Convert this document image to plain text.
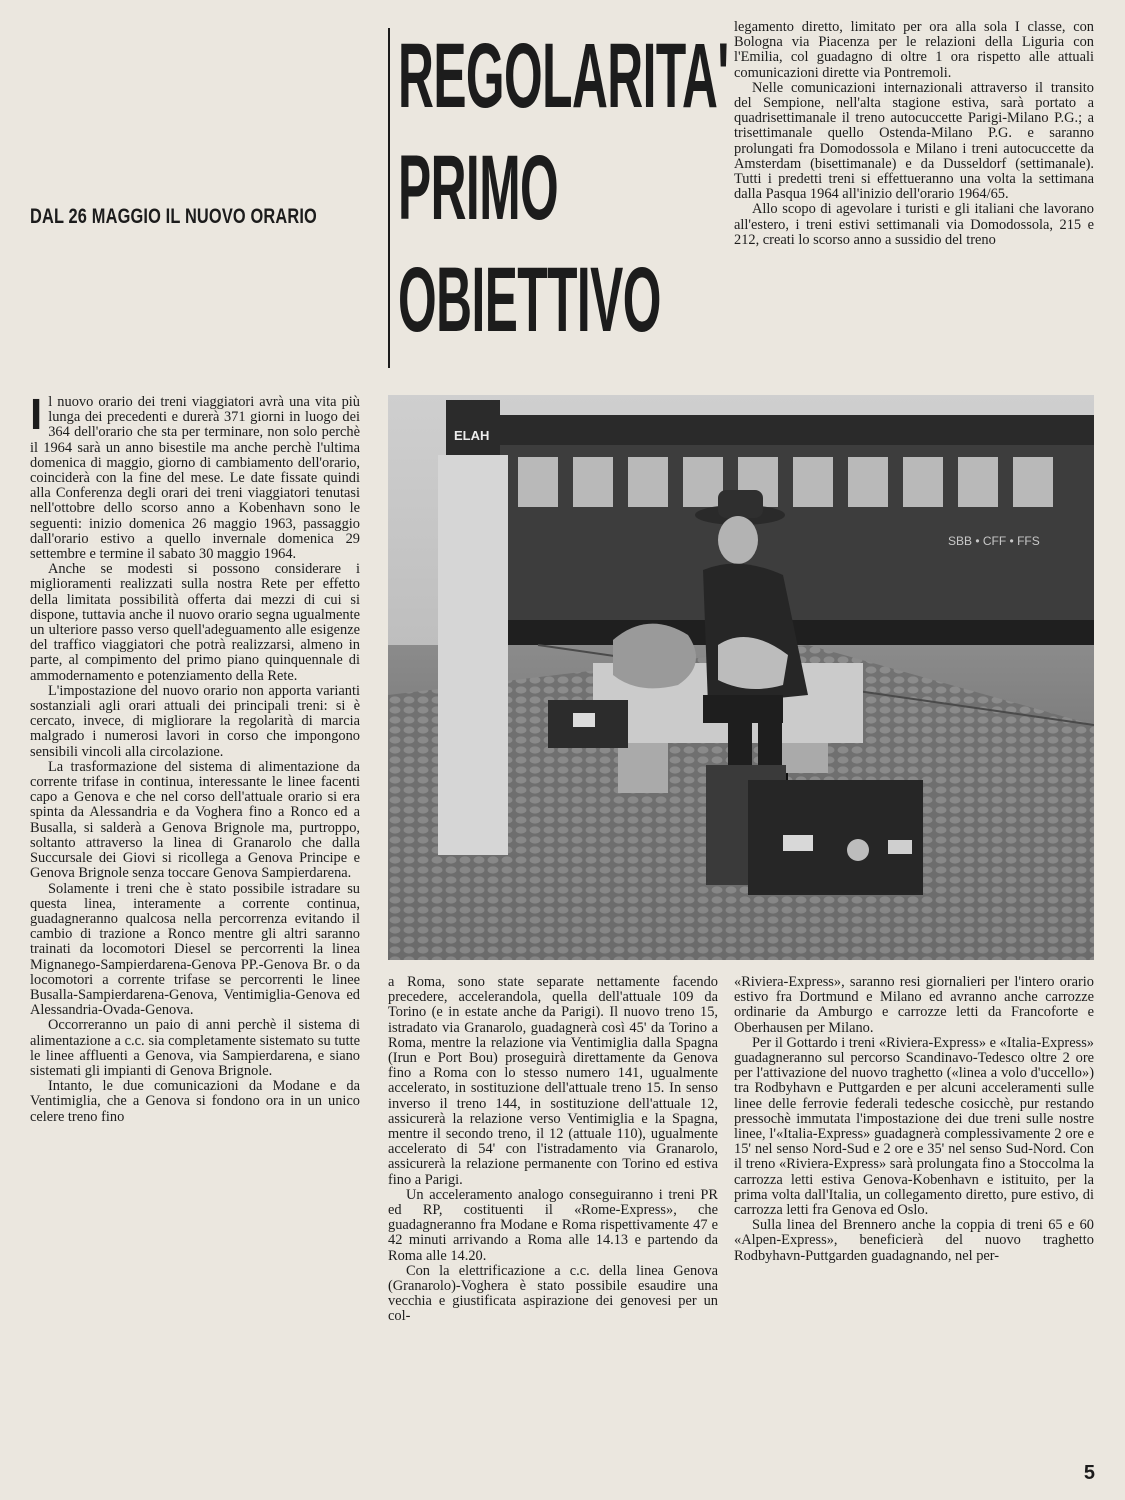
DAL 26 MAGGIO IL NUOVO ORARIO
REGOLARITA'
PRIMO
OBIETTIVO

legamento diretto, limitato per ora alla sola I classe, con Bologna via Piacenza per le relazioni della Liguria con l'Emilia, col guadagno di oltre 1 ora rispetto alle attuali comunicazioni dirette via Pontremoli.

Nelle comunicazioni internazionali attraverso il transito del Sempione, nell'alta stagione estiva, sarà portato a quadrisettimanale il treno autocuccette Parigi-Milano P.G.; a trisettimanale quello Ostenda-Milano P.G. e saranno prolungati fra Domodossola e Milano i treni autocuccette da Amsterdam (bisettimanale) e da Dusseldorf (settimanale). Tutti i predetti treni si effettueranno una volta la settimana dalla Pasqua 1964 all'inizio dell'orario 1964/65.

Allo scopo di agevolare i turisti e gli italiani che lavorano all'estero, i treni estivi settimanali via Domodossola, 215 e 212, creati lo scorso anno a sussidio del treno

Il nuovo orario dei treni viaggiatori avrà una vita più lunga dei precedenti e durerà 371 giorni in luogo dei 364 dell'orario che sta per terminare, non solo perchè il 1964 sarà un anno bisestile ma anche perchè l'ultima domenica di maggio, giorno di cambiamento dell'orario, coinciderà con la fine del mese. Le date fissate quindi alla Conferenza degli orari dei treni viaggiatori tenutasi nell'ottobre dello scorso anno a Kobenhavn sono le seguenti: inizio domenica 26 maggio 1963, passaggio dall'orario estivo a quello invernale domenica 29 settembre e termine il sabato 30 maggio 1964.

Anche se modesti si possono considerare i miglioramenti realizzati sulla nostra Rete per effetto della limitata possibilità offerta dai mezzi di cui si dispone, tuttavia anche il nuovo orario segna ugualmente un ulteriore passo verso quell'adeguamento alle esigenze del traffico viaggiatori che potrà realizzarsi, almeno in parte, al compimento del primo piano quinquennale di ammodernamento e potenziamento della Rete.

L'impostazione del nuovo orario non apporta varianti sostanziali agli orari attuali dei principali treni: si è cercato, invece, di migliorare la regolarità di marcia malgrado i numerosi lavori in corso che impongono sensibili vincoli alla circolazione.

La trasformazione del sistema di alimentazione da corrente trifase in continua, interessante le linee facenti capo a Genova e che nel corso dell'attuale orario si era spinta da Alessandria e da Voghera fino a Ronco ed a Busalla, si salderà a Genova Brignole ma, purtroppo, soltanto attraverso la linea di Granarolo che dalla Succursale dei Giovi si ricollega a Genova Principe e Genova Brignole senza toccare Genova Sampierdarena.

Solamente i treni che è stato possibile istradare su questa linea, interamente a corrente continua, guadagneranno qualcosa nella percorrenza evitando il cambio di trazione a Ronco mentre gli altri saranno trainati da locomotori Diesel se percorrenti la linea Mignanego-Sampierdarena-Genova PP.-Genova Br. o da locomotori a corrente trifase se percorrenti le linee Busalla-Sampierdarena-Genova, Ventimiglia-Genova ed Alessandria-Ovada-Genova.

Occorreranno un paio di anni perchè il sistema di alimentazione a c.c. sia completamente sistemato su tutte le linee affluenti a Genova, via Sampierdarena, e siano sistemati gli impianti di Genova Brignole.

Intanto, le due comunicazioni da Modane e da Ventimiglia, che a Genova si fondono ora in un unico celere treno fino

SBB • CFF • FFS
ELAH

a Roma, sono state separate nettamente facendo precedere, accelerandola, quella dell'attuale 109 da Torino (e in estate anche da Parigi). Il nuovo treno 15, istradato via Granarolo, guadagnerà così 45' da Torino a Roma, mentre la relazione via Ventimiglia dalla Spagna (Irun e Port Bou) proseguirà direttamente da Genova fino a Roma con lo stesso numero 141, ugualmente accelerato, in sostituzione dell'attuale treno 15. In senso inverso il treno 144, in sostituzione dell'attuale 12, assicurerà la relazione verso Ventimiglia e la Spagna, mentre il secondo treno, il 12 (attuale 110), ugualmente accelerato di 54' con l'istradamento via Granarolo, assicurerà la relazione permanente con Torino ed estiva fino a Parigi.

Un acceleramento analogo conseguiranno i treni PR ed RP, costituenti il «Rome-Express», che guadagneranno fra Modane e Roma rispettivamente 47 e 42 minuti arrivando a Roma alle 14.13 e partendo da Roma alle 14.20.

Con la elettrificazione a c.c. della linea Genova (Granarolo)-Voghera è stato possibile esaudire una vecchia e giustificata aspirazione dei genovesi per un col-

«Riviera-Express», saranno resi giornalieri per l'intero orario estivo fra Dortmund e Milano ed avranno anche carrozze ordinarie da Amburgo e carrozze letti da Francoforte e Oberhausen per Milano.

Per il Gottardo i treni «Riviera-Express» e «Italia-Express» guadagneranno sul percorso Scandinavo-Tedesco oltre 2 ore per l'attivazione del nuovo traghetto («linea a volo d'uccello») tra Rodbyhavn e Puttgarden e per alcuni acceleramenti sulle linee delle ferrovie federali tedesche cosicchè, pur restando pressochè immutata l'impostazione dei due treni sulle nostre linee, l'«Italia-Express» guadagnerà complessivamente 2 ore e 15' nel senso Nord-Sud e 2 ore e 35' nel senso Sud-Nord. Con il treno «Riviera-Express» sarà prolungata fino a Stoccolma la carrozza letti estiva Genova-Kobenhavn e istituito, per la prima volta dall'Italia, un collegamento diretto, pure estivo, di carrozza letti fra Genova ed Oslo.

Sulla linea del Brennero anche la coppia di treni 65 e 60 «Alpen-Express», beneficierà del nuovo traghetto Rodbyhavn-Puttgarden guadagnando, nel per-

5
